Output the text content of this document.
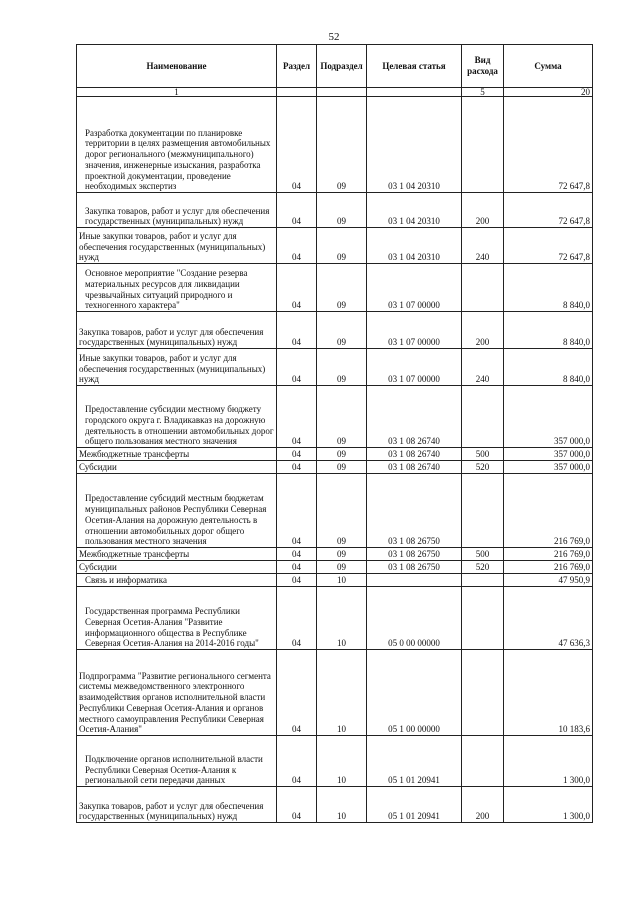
52
Наименование	Раздел	Подраздел	Целевая статья	Вид расхода	Сумма
1				5	20
Разработка документации по планировке территории в целях размещения автомобильных дорог регионального (межмуниципального) значения, инженерные изыскания, разработка проектной документации, проведение необходимых экспертиз	04	09	03 1 04 20310		72 647,8
Закупка товаров, работ и услуг для обеспечения государственных (муниципальных) нужд	04	09	03 1 04 20310	200	72 647,8
Иные закупки товаров, работ и услуг для обеспечения государственных (муниципальных) нужд	04	09	03 1 04 20310	240	72 647,8
Основное мероприятие "Создание резерва материальных ресурсов для ликвидации чрезвычайных ситуаций природного и техногенного характера"	04	09	03 1 07 00000		8 840,0
Закупка товаров, работ и услуг для обеспечения государственных (муниципальных) нужд	04	09	03 1 07 00000	200	8 840,0
Иные закупки товаров, работ и услуг для обеспечения государственных (муниципальных) нужд	04	09	03 1 07 00000	240	8 840,0
Предоставление субсидии местному бюджету городского округа г. Владикавказ на дорожную деятельность в отношении автомобильных дорог общего пользования местного значения	04	09	03 1 08 26740		357 000,0
Межбюджетные трансферты	04	09	03 1 08 26740	500	357 000,0
Субсидии	04	09	03 1 08 26740	520	357 000,0
Предоставление субсидий местным бюджетам муниципальных районов Республики Северная Осетия-Алания на дорожную деятельность в отношении автомобильных дорог общего пользования местного значения	04	09	03 1 08 26750		216 769,0
Межбюджетные трансферты	04	09	03 1 08 26750	500	216 769,0
Субсидии	04	09	03 1 08 26750	520	216 769,0
Связь и информатика	04	10			47 950,9
Государственная программа Республики Северная Осетия-Алания "Развитие информационного общества в Республике Северная Осетия-Алания на 2014-2016 годы"	04	10	05 0 00 00000		47 636,3
Подпрограмма "Развитие регионального сегмента системы межведомственного электронного взаимодействия органов исполнительной власти Республики Северная Осетия-Алания и органов местного самоуправления Республики Северная Осетия-Алания"	04	10	05 1 00 00000		10 183,6
Подключение органов исполнительной власти Республики Северная Осетия-Алания к региональной сети передачи данных	04	10	05 1 01 20941		1 300,0
Закупка товаров, работ и услуг для обеспечения государственных (муниципальных) нужд	04	10	05 1 01 20941	200	1 300,0
